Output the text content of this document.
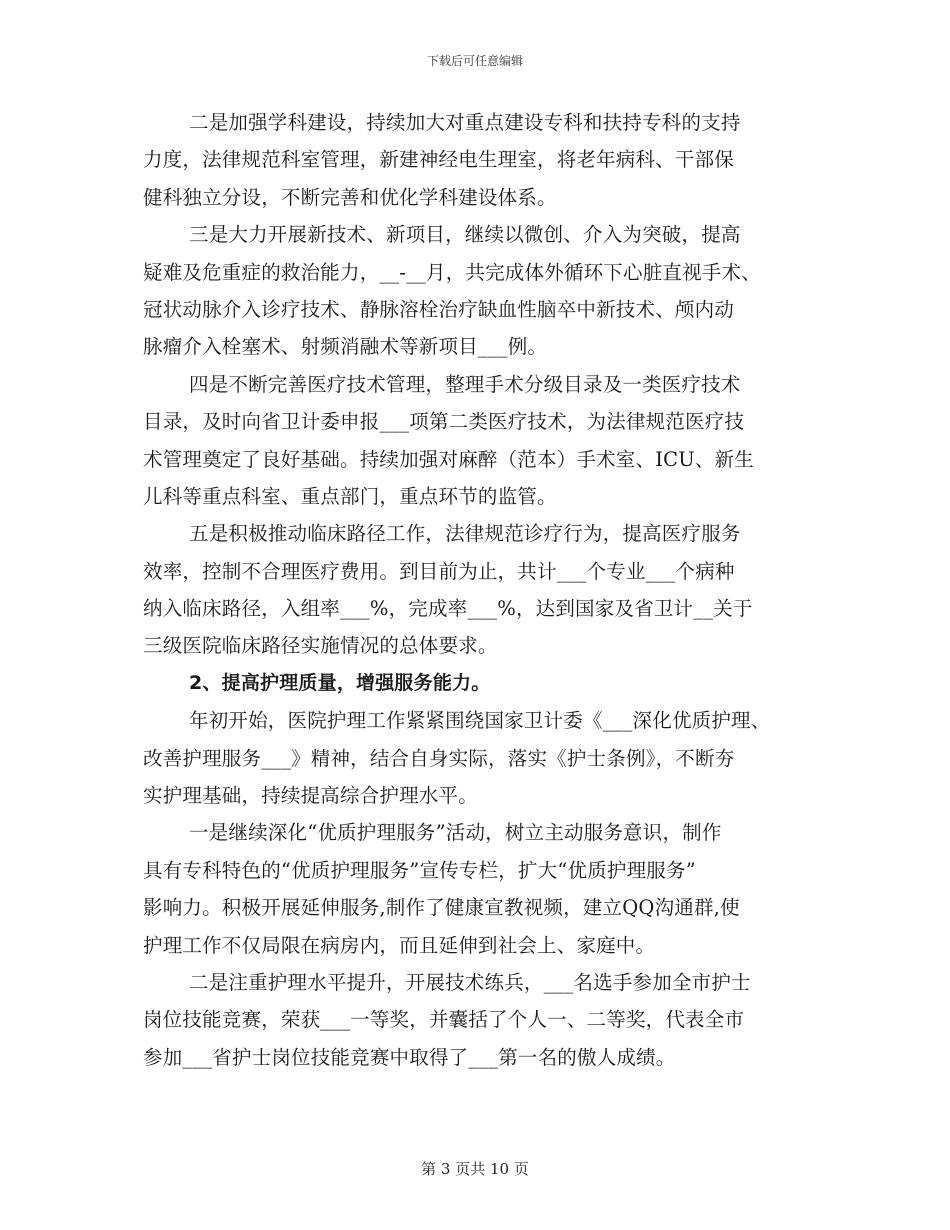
下载后可任意编辑
二是加强学科建设，持续加大对重点建设专科和扶持专科的支持
力度，法律规范科室管理，新建神经电生理室，将老年病科、干部保
健科独立分设，不断完善和优化学科建设体系。
三是大力开展新技术、新项目，继续以微创、介入为突破，提高
疑难及危重症的救治能力，__-__月，共完成体外循环下心脏直视手术、
冠状动脉介入诊疗技术、静脉溶栓治疗缺血性脑卒中新技术、颅内动
脉瘤介入栓塞术、射频消融术等新项目___例。
四是不断完善医疗技术管理，整理手术分级目录及一类医疗技术
目录，及时向省卫计委申报___项第二类医疗技术，为法律规范医疗技
术管理奠定了良好基础。持续加强对麻醉（范本）手术室、ICU、新生
儿科等重点科室、重点部门，重点环节的监管。
五是积极推动临床路径工作，法律规范诊疗行为，提高医疗服务
效率，控制不合理医疗费用。到目前为止，共计___个专业___个病种
纳入临床路径，入组率___%，完成率___%，达到国家及省卫计__关于
三级医院临床路径实施情况的总体要求。
2、提高护理质量，增强服务能力。
年初开始，医院护理工作紧紧围绕国家卫计委《___深化优质护理、
改善护理服务___》精神，结合自身实际，落实《护士条例》，不断夯
实护理基础，持续提高综合护理水平。
一是继续深化“优质护理服务”活动，树立主动服务意识，制作
具有专科特色的“优质护理服务”宣传专栏，扩大“优质护理服务”
影响力。积极开展延伸服务,制作了健康宣教视频，建立QQ沟通群,使
护理工作不仅局限在病房内，而且延伸到社会上、家庭中。
二是注重护理水平提升，开展技术练兵，___名选手参加全市护士
岗位技能竞赛，荣获___一等奖，并囊括了个人一、二等奖，代表全市
参加___省护士岗位技能竞赛中取得了___第一名的傲人成绩。
第 3 页共 10 页
